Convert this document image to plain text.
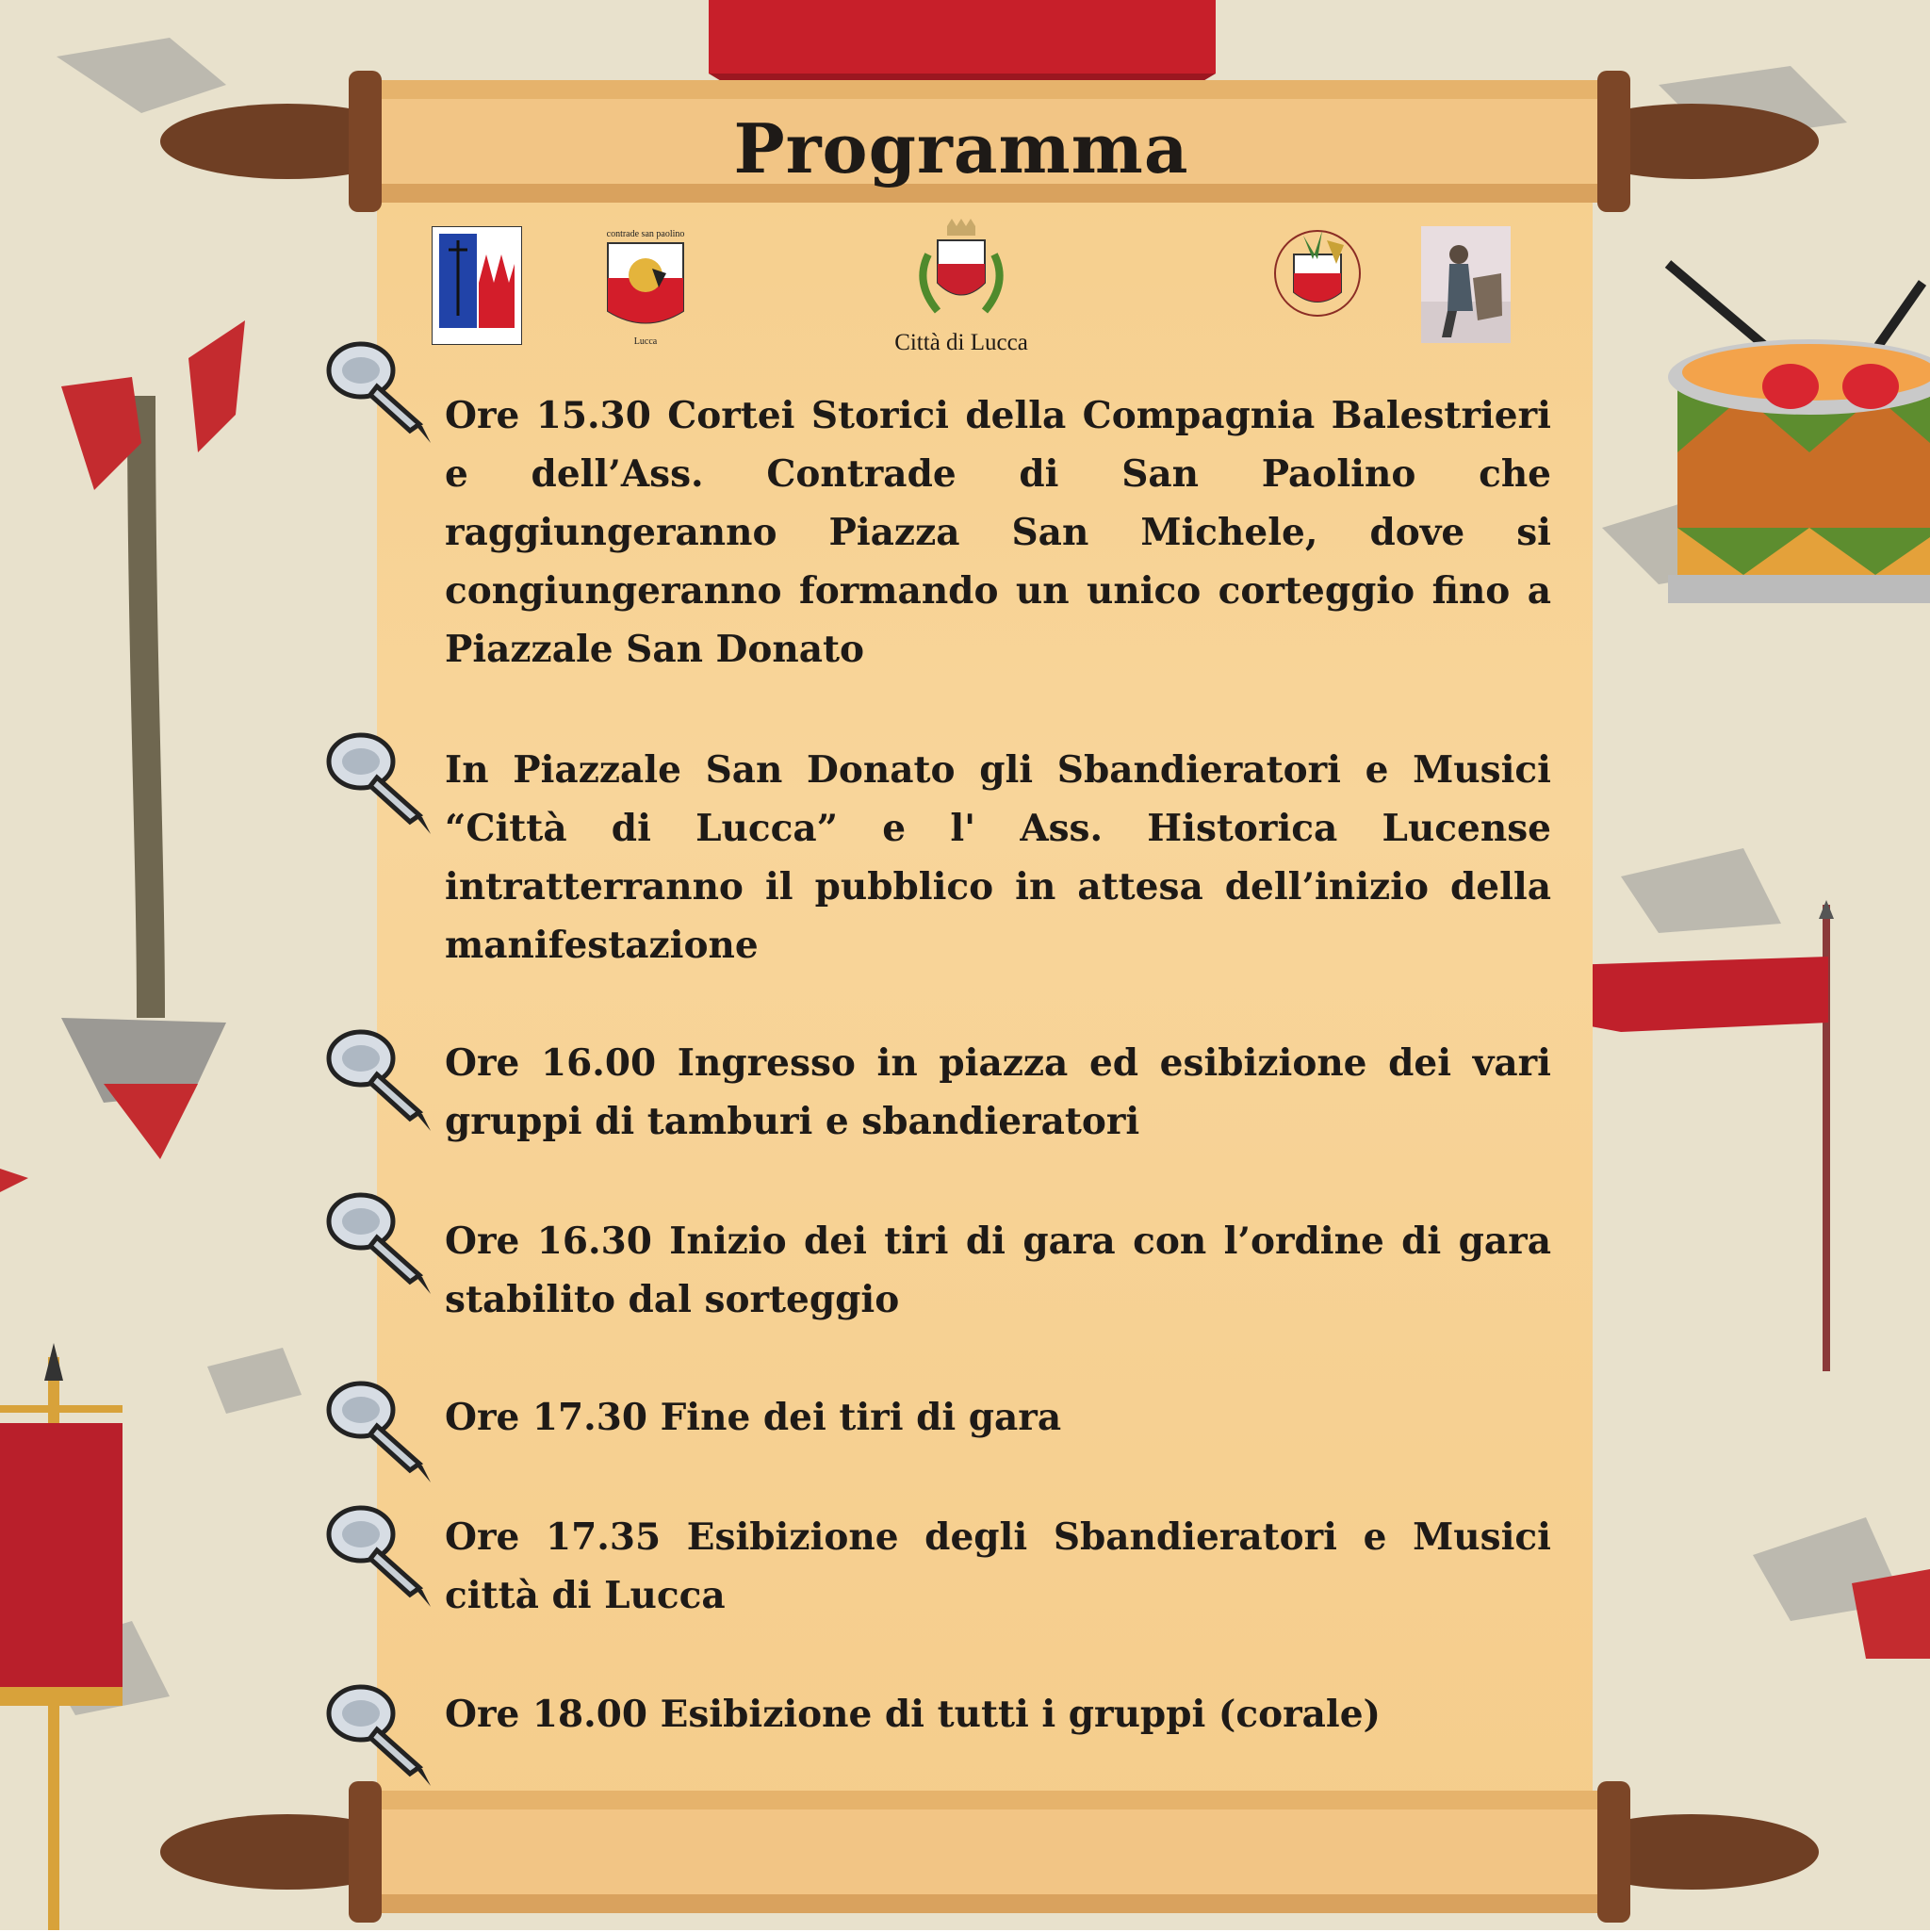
Programma
contrade san paolino
Lucca	Città di Lucca
Ore 15.30 Cortei Storici della Compagnia Balestrieri e dell’Ass. Contrade di San Paolino che raggiungeranno Piazza San Michele, dove si congiungeranno formando un unico corteggio fino a Piazzale San Donato
In Piazzale San Donato gli Sbandieratori e Musici “Città di Lucca” e l' Ass. Historica Lucense intratterranno il pubblico in attesa dell’inizio della manifestazione
Ore 16.00 Ingresso in piazza ed esibizione dei vari gruppi di tamburi e sbandieratori
Ore 16.30 Inizio dei tiri di gara con l’ordine di gara stabilito dal sorteggio
Ore 17.30 Fine dei tiri di gara
Ore 17.35 Esibizione degli Sbandieratori e Musici città di Lucca
Ore 18.00 Esibizione di tutti i gruppi (corale)
